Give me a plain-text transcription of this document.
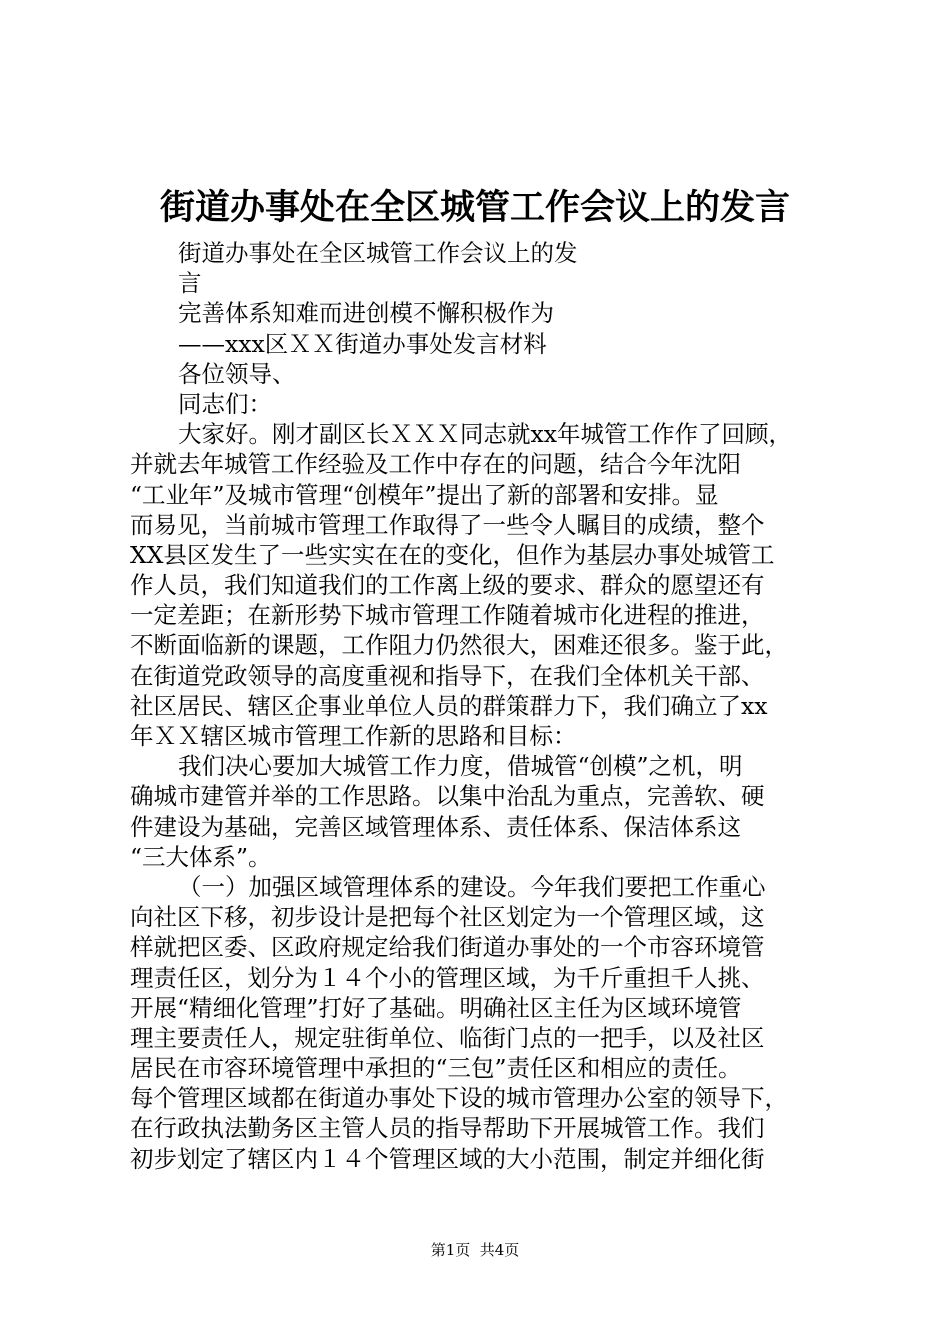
街道办事处在全区城管工作会议上的发言
街道办事处在全区城管工作会议上的发
言
完善体系知难而进创模不懈积极作为
——xxx区ＸＸ街道办事处发言材料
各位领导、
同志们：
大家好。刚才副区长ＸＸＸ同志就xx年城管工作作了回顾，
并就去年城管工作经验及工作中存在的问题，结合今年沈阳
“工业年”及城市管理“创模年”提出了新的部署和安排。显
而易见，当前城市管理工作取得了一些令人瞩目的成绩，整个
XX县区发生了一些实实在在的变化，但作为基层办事处城管工
作人员，我们知道我们的工作离上级的要求、群众的愿望还有
一定差距；在新形势下城市管理工作随着城市化进程的推进，
不断面临新的课题，工作阻力仍然很大，困难还很多。鉴于此，
在街道党政领导的高度重视和指导下，在我们全体机关干部、
社区居民、辖区企事业单位人员的群策群力下，我们确立了xx
年ＸＸ辖区城市管理工作新的思路和目标：
我们决心要加大城管工作力度，借城管“创模”之机，明
确城市建管并举的工作思路。以集中治乱为重点，完善软、硬
件建设为基础，完善区域管理体系、责任体系、保洁体系这
“三大体系”。
（一）加强区域管理体系的建设。今年我们要把工作重心
向社区下移，初步设计是把每个社区划定为一个管理区域，这
样就把区委、区政府规定给我们街道办事处的一个市容环境管
理责任区，划分为１４个小的管理区域，为千斤重担千人挑、
开展“精细化管理”打好了基础。明确社区主任为区域环境管
理主要责任人，规定驻街单位、临街门点的一把手，以及社区
居民在市容环境管理中承担的“三包”责任区和相应的责任。
每个管理区域都在街道办事处下设的城市管理办公室的领导下，
在行政执法勤务区主管人员的指导帮助下开展城管工作。我们
初步划定了辖区内１４个管理区域的大小范围，制定并细化街
第1页  共4页
